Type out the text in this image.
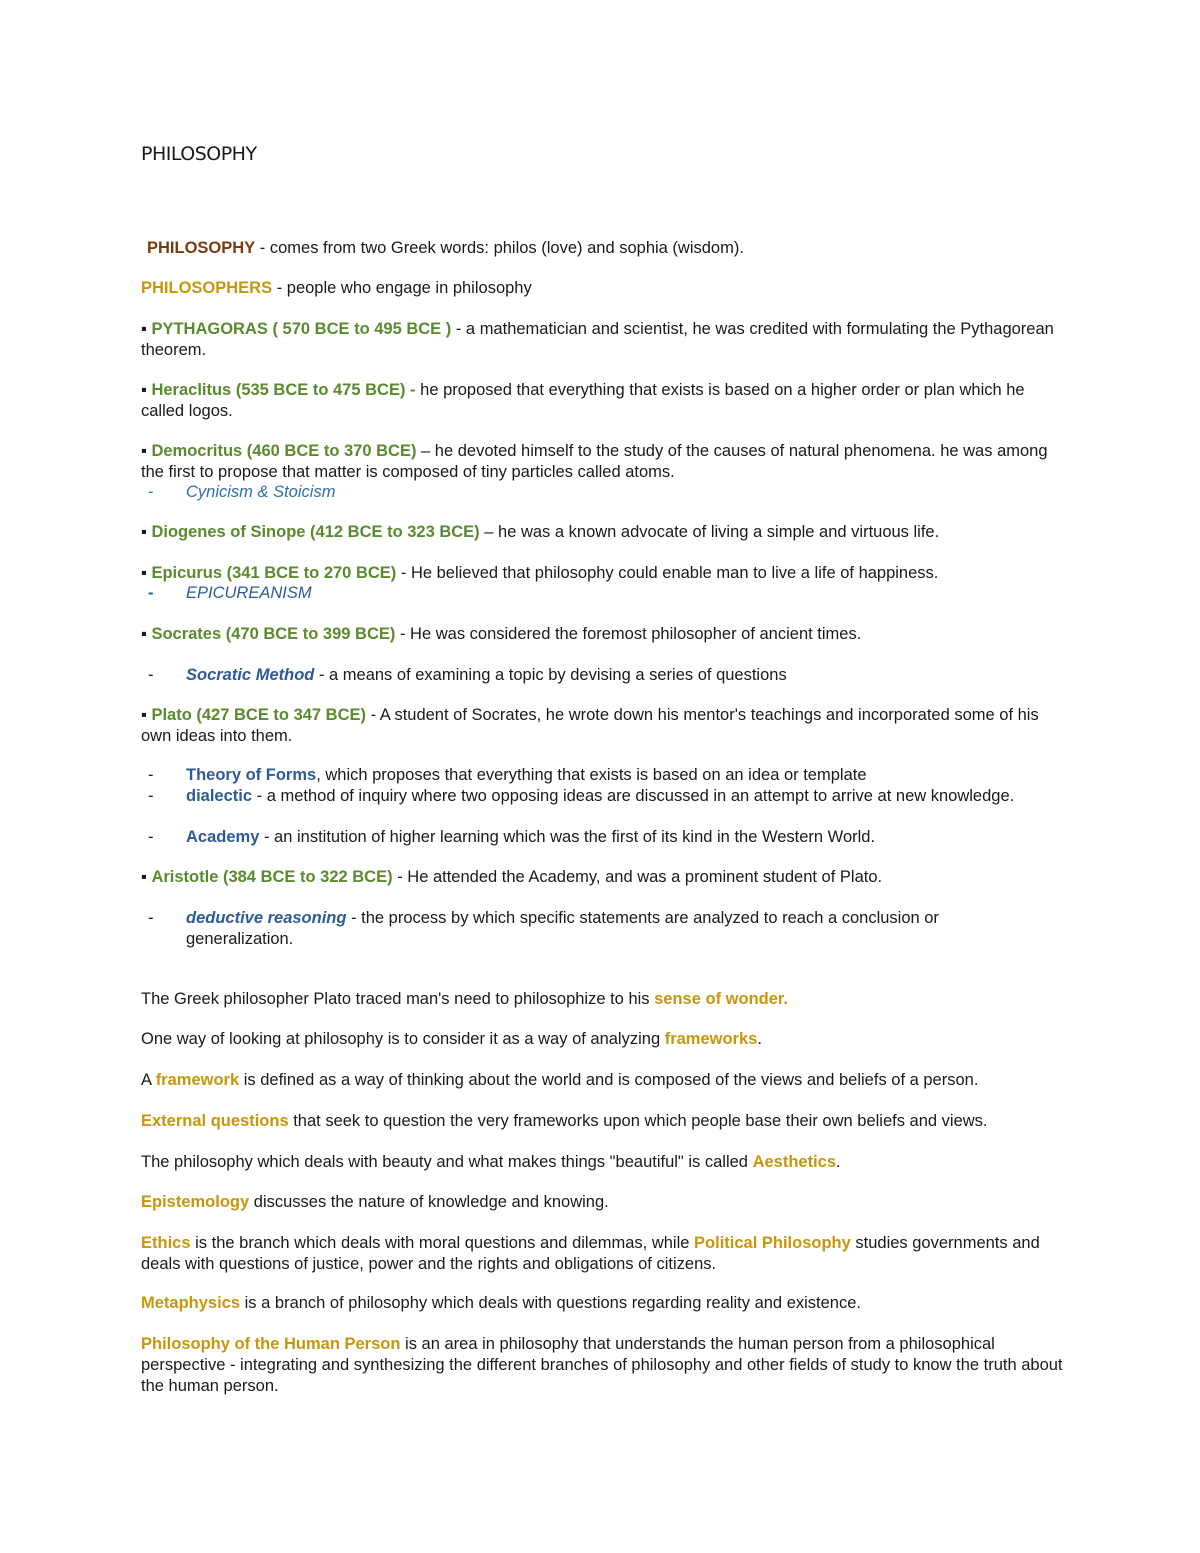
PHILOSOPHY
PHILOSOPHY - comes from two Greek words: philos (love) and sophia (wisdom).
PHILOSOPHERS - people who engage in philosophy
▪ PYTHAGORAS ( 570 BCE to 495 BCE ) - a mathematician and scientist, he was credited with formulating the Pythagorean theorem.
▪ Heraclitus (535 BCE to 475 BCE) - he proposed that everything that exists is based on a higher order or plan which he called logos.
▪ Democritus (460 BCE to 370 BCE) – he devoted himself to the study of the causes of natural phenomena. he was among the first to propose that matter is composed of tiny particles called atoms.
- Cynicism & Stoicism
▪ Diogenes of Sinope (412 BCE to 323 BCE) – he was a known advocate of living a simple and virtuous life.
▪ Epicurus (341 BCE to 270 BCE) - He believed that philosophy could enable man to live a life of happiness.
- EPICUREANISM
▪ Socrates (470 BCE to 399 BCE) - He was considered the foremost philosopher of ancient times.
- Socratic Method - a means of examining a topic by devising a series of questions
▪ Plato (427 BCE to 347 BCE) - A student of Socrates, he wrote down his mentor's teachings and incorporated some of his own ideas into them.
- Theory of Forms, which proposes that everything that exists is based on an idea or template
- dialectic - a method of inquiry where two opposing ideas are discussed in an attempt to arrive at new knowledge.
- Academy - an institution of higher learning which was the first of its kind in the Western World.
▪ Aristotle (384 BCE to 322 BCE) - He attended the Academy, and was a prominent student of Plato.
- deductive reasoning - the process by which specific statements are analyzed to reach a conclusion or generalization.
The Greek philosopher Plato traced man's need to philosophize to his sense of wonder.
One way of looking at philosophy is to consider it as a way of analyzing frameworks.
A framework is defined as a way of thinking about the world and is composed of the views and beliefs of a person.
External questions that seek to question the very frameworks upon which people base their own beliefs and views.
The philosophy which deals with beauty and what makes things "beautiful" is called Aesthetics.
Epistemology discusses the nature of knowledge and knowing.
Ethics is the branch which deals with moral questions and dilemmas, while Political Philosophy studies governments and deals with questions of justice, power and the rights and obligations of citizens.
Metaphysics is a branch of philosophy which deals with questions regarding reality and existence.
Philosophy of the Human Person is an area in philosophy that understands the human person from a philosophical perspective - integrating and synthesizing the different branches of philosophy and other fields of study to know the truth about the human person.
